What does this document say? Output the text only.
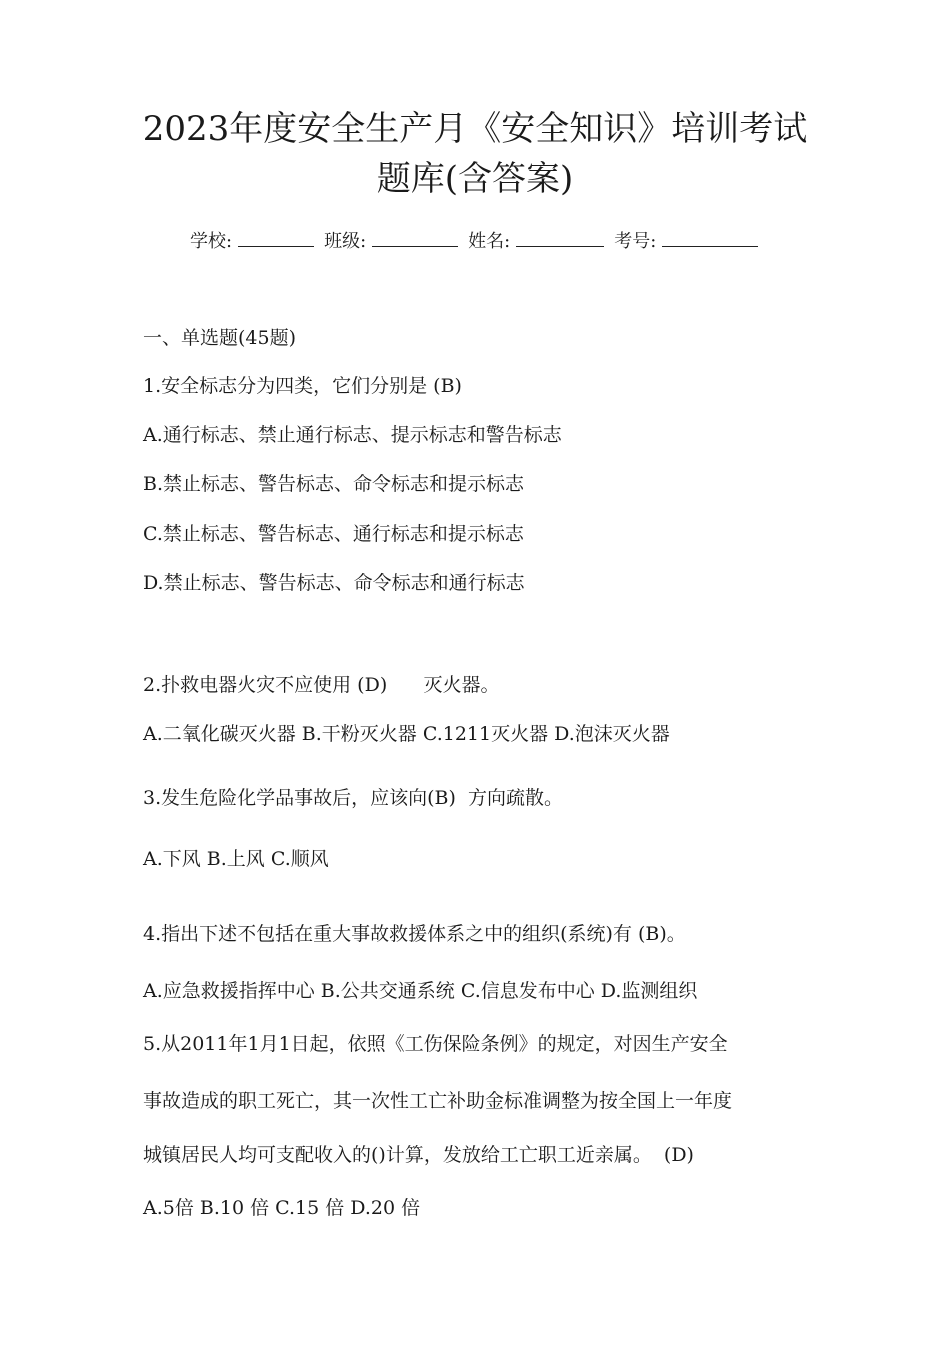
2023年度安全生产月《安全知识》培训考试
题库(含答案)
学校:	班级:	姓名:	考号:
一、单选题(45题)
1.安全标志分为四类，它们分别是 (B)
A.通行标志、禁止通行标志、提示标志和警告标志
B.禁止标志、警告标志、命令标志和提示标志
C.禁止标志、警告标志、通行标志和提示标志
D.禁止标志、警告标志、命令标志和通行标志
2.扑救电器火灾不应使用 (D)      灭火器。
A.二氧化碳灭火器 B.干粉灭火器 C.1211灭火器 D.泡沫灭火器
3.发生危险化学品事故后，应该向(B)  方向疏散。
A.下风 B.上风 C.顺风
4.指出下述不包括在重大事故救援体系之中的组织(系统)有 (B)。
A.应急救援指挥中心 B.公共交通系统 C.信息发布中心 D.监测组织
5.从2011年1月1日起，依照《工伤保险条例》的规定，对因生产安全
事故造成的职工死亡，其一次性工亡补助金标准调整为按全国上一年度
城镇居民人均可支配收入的()计算，发放给工亡职工近亲属。  (D)
A.5倍 B.10 倍 C.15 倍 D.20 倍
